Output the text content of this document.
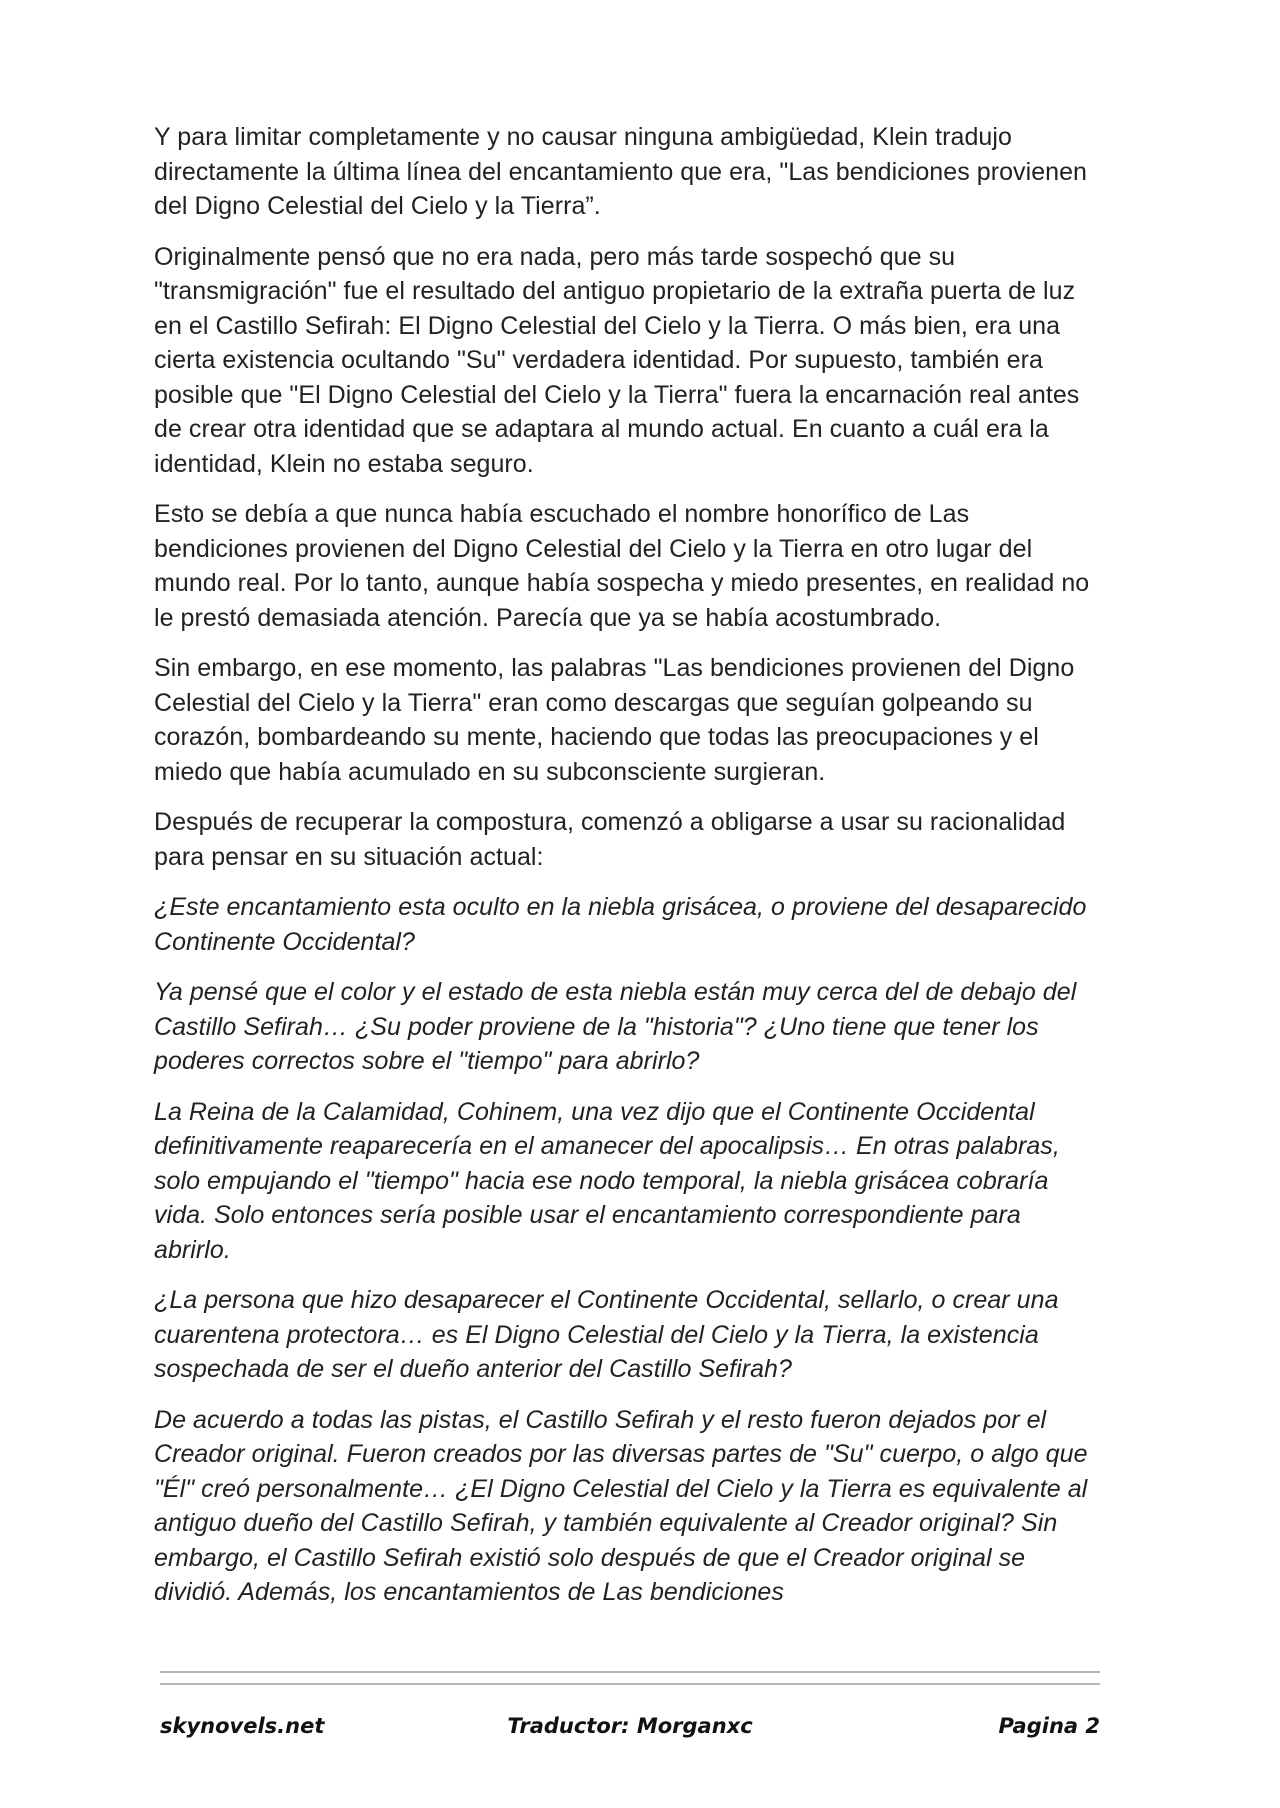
Y para limitar completamente y no causar ninguna ambigüedad, Klein tradujo directamente la última línea del encantamiento que era, "Las bendiciones provienen del Digno Celestial del Cielo y la Tierra”.

Originalmente pensó que no era nada, pero más tarde sospechó que su "transmigración" fue el resultado del antiguo propietario de la extraña puerta de luz en el Castillo Sefirah: El Digno Celestial del Cielo y la Tierra. O más bien, era una cierta existencia ocultando "Su" verdadera identidad. Por supuesto, también era posible que "El Digno Celestial del Cielo y la Tierra" fuera la encarnación real antes de crear otra identidad que se adaptara al mundo actual. En cuanto a cuál era la identidad, Klein no estaba seguro.

Esto se debía a que nunca había escuchado el nombre honorífico de Las bendiciones provienen del Digno Celestial del Cielo y la Tierra en otro lugar del mundo real. Por lo tanto, aunque había sospecha y miedo presentes, en realidad no le prestó demasiada atención. Parecía que ya se había acostumbrado.

Sin embargo, en ese momento, las palabras "Las bendiciones provienen del Digno Celestial del Cielo y la Tierra" eran como descargas que seguían golpeando su corazón, bombardeando su mente, haciendo que todas las preocupaciones y el miedo que había acumulado en su subconsciente surgieran.

Después de recuperar la compostura, comenzó a obligarse a usar su racionalidad para pensar en su situación actual:

¿Este encantamiento esta oculto en la niebla grisácea, o proviene del desaparecido Continente Occidental?

Ya pensé que el color y el estado de esta niebla están muy cerca del de debajo del Castillo Sefirah… ¿Su poder proviene de la "historia"? ¿Uno tiene que tener los poderes correctos sobre el "tiempo" para abrirlo?

La Reina de la Calamidad, Cohinem, una vez dijo que el Continente Occidental definitivamente reaparecería en el amanecer del apocalipsis… En otras palabras, solo empujando el "tiempo" hacia ese nodo temporal, la niebla grisácea cobraría vida. Solo entonces sería posible usar el encantamiento correspondiente para abrirlo.

¿La persona que hizo desaparecer el Continente Occidental, sellarlo, o crear una cuarentena protectora… es El Digno Celestial del Cielo y la Tierra, la existencia sospechada de ser el dueño anterior del Castillo Sefirah?

De acuerdo a todas las pistas, el Castillo Sefirah y el resto fueron dejados por el Creador original. Fueron creados por las diversas partes de "Su" cuerpo, o algo que "Él" creó personalmente… ¿El Digno Celestial del Cielo y la Tierra es equivalente al antiguo dueño del Castillo Sefirah, y también equivalente al Creador original? Sin embargo, el Castillo Sefirah existió solo después de que el Creador original se dividió. Además, los encantamientos de Las bendiciones

skynovels.net	Traductor: Morganxc	Pagina 2
